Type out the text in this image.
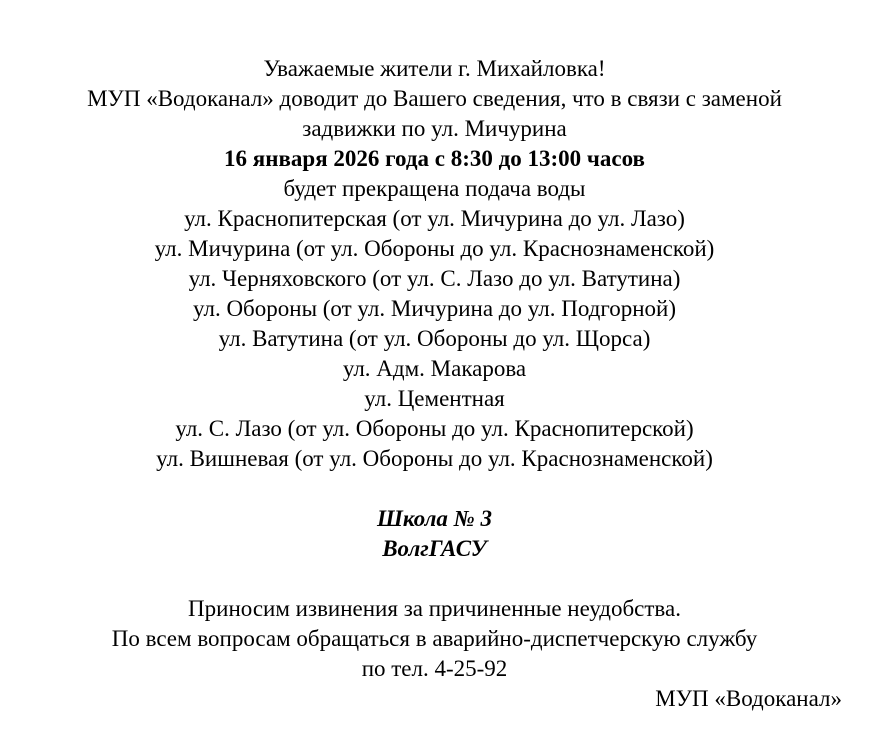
Уважаемые жители г. Михайловка!
МУП «Водоканал» доводит до Вашего сведения, что в связи с заменой
задвижки по ул. Мичурина
16 января 2026 года с 8:30 до 13:00 часов
будет прекращена подача воды
ул. Краснопитерская (от ул. Мичурина до ул. Лазо)
ул. Мичурина (от ул. Обороны до ул. Краснознаменской)
ул. Черняховского (от ул. С. Лазо до ул. Ватутина)
ул. Обороны (от ул. Мичурина до ул. Подгорной)
ул. Ватутина (от ул. Обороны до ул. Щорса)
ул. Адм. Макарова
ул. Цементная
ул. С. Лазо (от ул. Обороны до ул. Краснопитерской)
ул. Вишневая (от ул. Обороны до ул. Краснознаменской)
Школа № 3
ВолгГАСУ
Приносим извинения за причиненные неудобства.
По всем вопросам обращаться в аварийно-диспетчерскую службу
по тел. 4-25-92
МУП «Водоканал»
